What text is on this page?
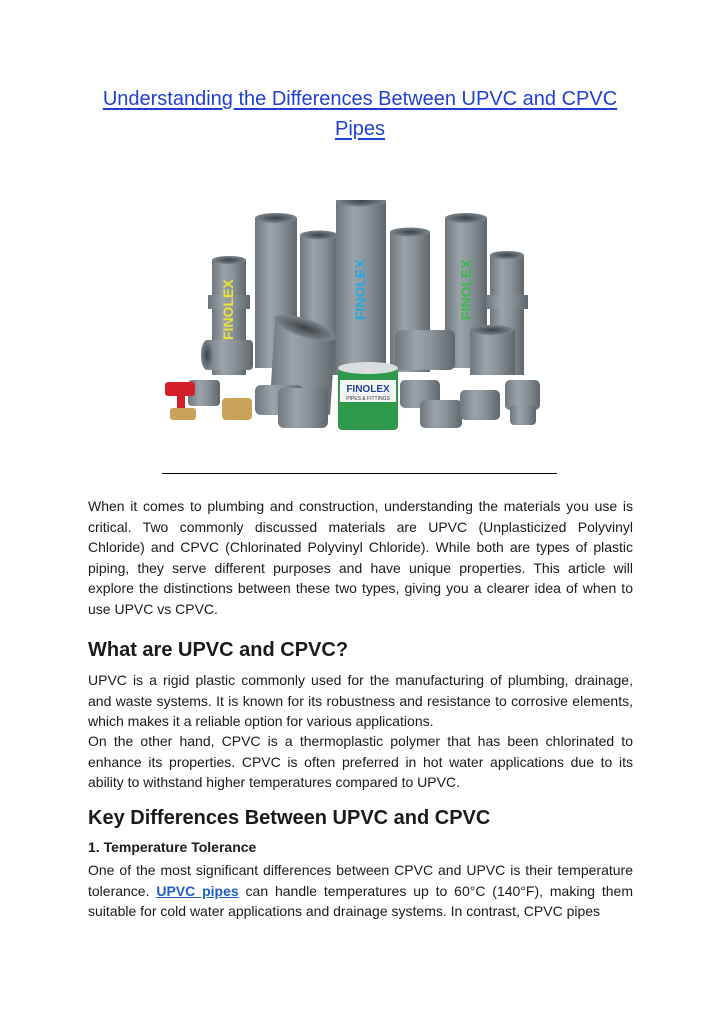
Understanding the Differences Between UPVC and CPVC Pipes
FINOLEX	FINOLEX	FINOLEX
FINOLEX
PIPES & FITTINGS

When it comes to plumbing and construction, understanding the materials you use is critical. Two commonly discussed materials are UPVC (Unplasticized Polyvinyl Chloride) and CPVC (Chlorinated Polyvinyl Chloride). While both are types of plastic piping, they serve different purposes and have unique properties. This article will explore the distinctions between these two types, giving you a clearer idea of when to use UPVC vs CPVC.

What are UPVC and CPVC?

UPVC is a rigid plastic commonly used for the manufacturing of plumbing, drainage, and waste systems. It is known for its robustness and resistance to corrosive elements, which makes it a reliable option for various applications.

On the other hand, CPVC is a thermoplastic polymer that has been chlorinated to enhance its properties. CPVC is often preferred in hot water applications due to its ability to withstand higher temperatures compared to UPVC.

Key Differences Between UPVC and CPVC
1. Temperature Tolerance

One of the most significant differences between CPVC and UPVC is their temperature tolerance. UPVC pipes can handle temperatures up to 60°C (140°F), making them suitable for cold water applications and drainage systems. In contrast, CPVC pipes
